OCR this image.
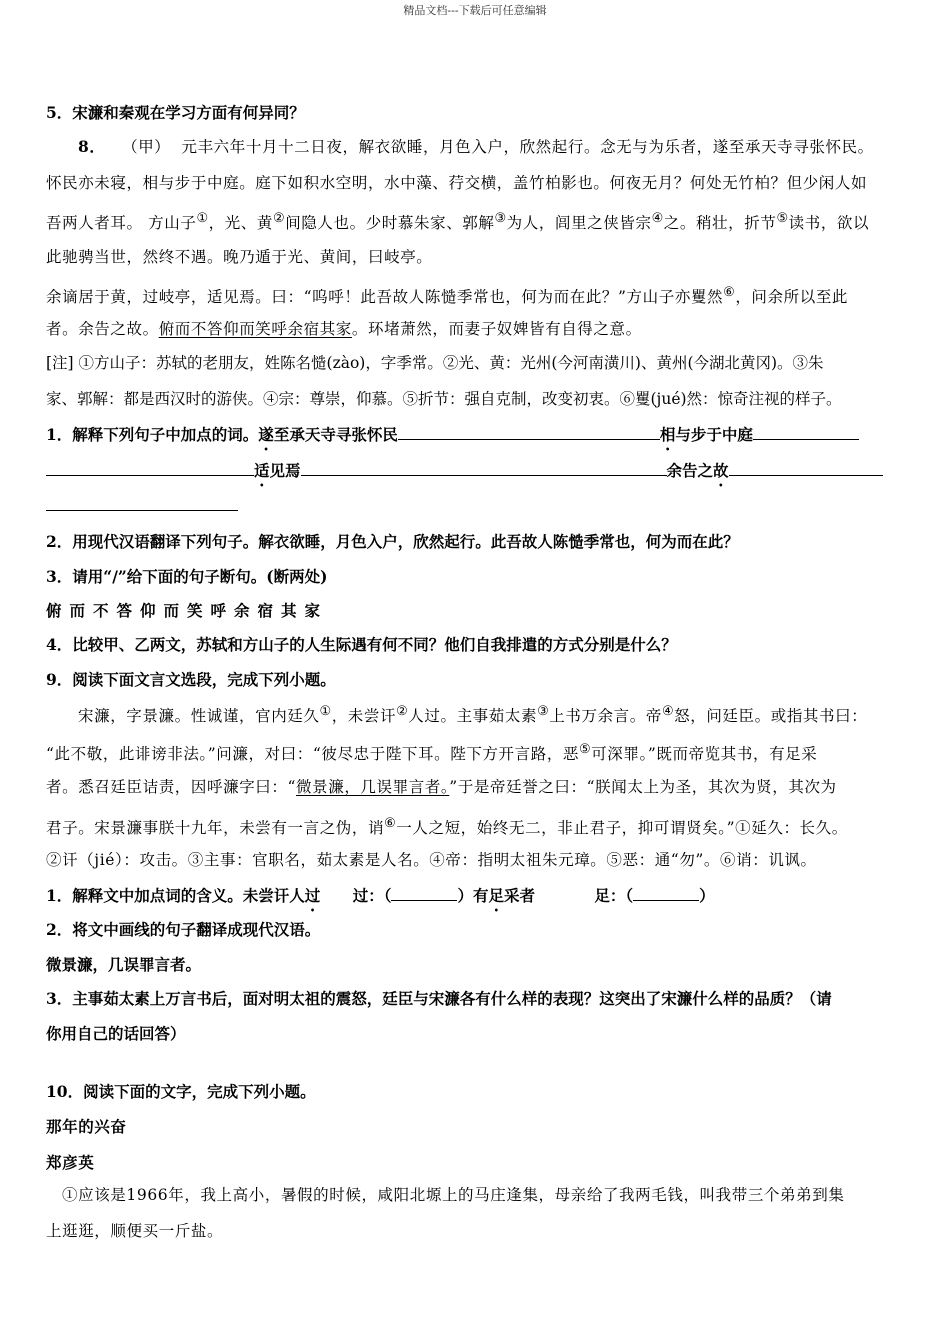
精品文档---下载后可任意编辑
5．宋濂和秦观在学习方面有何异同？
8． （甲） 元丰六年十月十二日夜，解衣欲睡，月色入户，欣然起行。念无与为乐者，遂至承天寺寻张怀民。
怀民亦未寝，相与步于中庭。庭下如积水空明，水中藻、荇交横，盖竹柏影也。何夜无月？何处无竹柏？但少闲人如
吾两人者耳。 方山子①，光、黄②间隐人也。少时慕朱家、郭解③为人，闾里之侠皆宗④之。稍壮，折节⑤读书，欲以
此驰骋当世，然终不遇。晚乃遁于光、黄间，曰岐亭。
余谪居于黄，过岐亭，适见焉。曰：“呜呼！此吾故人陈慥季常也，何为而在此？”方山子亦矍然⑥，问余所以至此
者。余告之故。俯而不答仰而笑呼余宿其家。环堵萧然，而妻子奴婢皆有自得之意。
[注] ①方山子：苏轼的老朋友，姓陈名慥(zào)，字季常。②光、黄：光州(今河南潢川)、黄州(今湖北黄冈)。③朱
家、郭解：都是西汉时的游侠。④宗：尊崇，仰慕。⑤折节：强自克制，改变初衷。⑥矍(jué)然：惊奇注视的样子。
1．解释下列句子中加点的词。遂至承天寺寻张怀民	相与步于中庭
适见焉	余告之故
2．用现代汉语翻译下列句子。解衣欲睡，月色入户，欣然起行。此吾故人陈慥季常也，何为而在此？
3．请用“/”给下面的句子断句。(断两处)
俯而不答仰而笑呼余宿其家
4．比较甲、乙两文，苏轼和方山子的人生际遇有何不同？他们自我排遣的方式分别是什么？
9．阅读下面文言文选段，完成下列小题。
宋濂，字景濂。性诚谨，官内廷久①，未尝讦②人过。主事茹太素③上书万余言。帝④怒，问廷臣。或指其书曰：
“此不敬，此诽谤非法。”问濂，对曰：“彼尽忠于陛下耳。陛下方开言路，恶⑤可深罪。”既而帝览其书，有足采
者。悉召廷臣诘责，因呼濂字曰：“微景濂，几误罪言者。”于是帝廷誉之曰：“朕闻太上为圣，其次为贤，其次为
君子。宋景濂事朕十九年，未尝有一言之伪，诮⑥一人之短，始终无二，非止君子，抑可谓贤矣。”①延久：长久。
②讦（jié）：攻击。③主事：官职名，茹太素是人名。④帝：指明太祖朱元璋。⑤恶：通“勿”。⑥诮：讥讽。
1．解释文中加点词的含义。未尝讦人过 过：（	）有足采者	足：（	）
2．将文中画线的句子翻译成现代汉语。
微景濂，几误罪言者。
3．主事茹太素上万言书后，面对明太祖的震怒，廷臣与宋濂各有什么样的表现？这突出了宋濂什么样的品质？（请
你用自己的话回答）
10．阅读下面的文字，完成下列小题。
那年的兴奋
郑彦英
①应该是1966年，我上高小，暑假的时候，咸阳北塬上的马庄逢集，母亲给了我两毛钱，叫我带三个弟弟到集
上逛逛，顺便买一斤盐。
